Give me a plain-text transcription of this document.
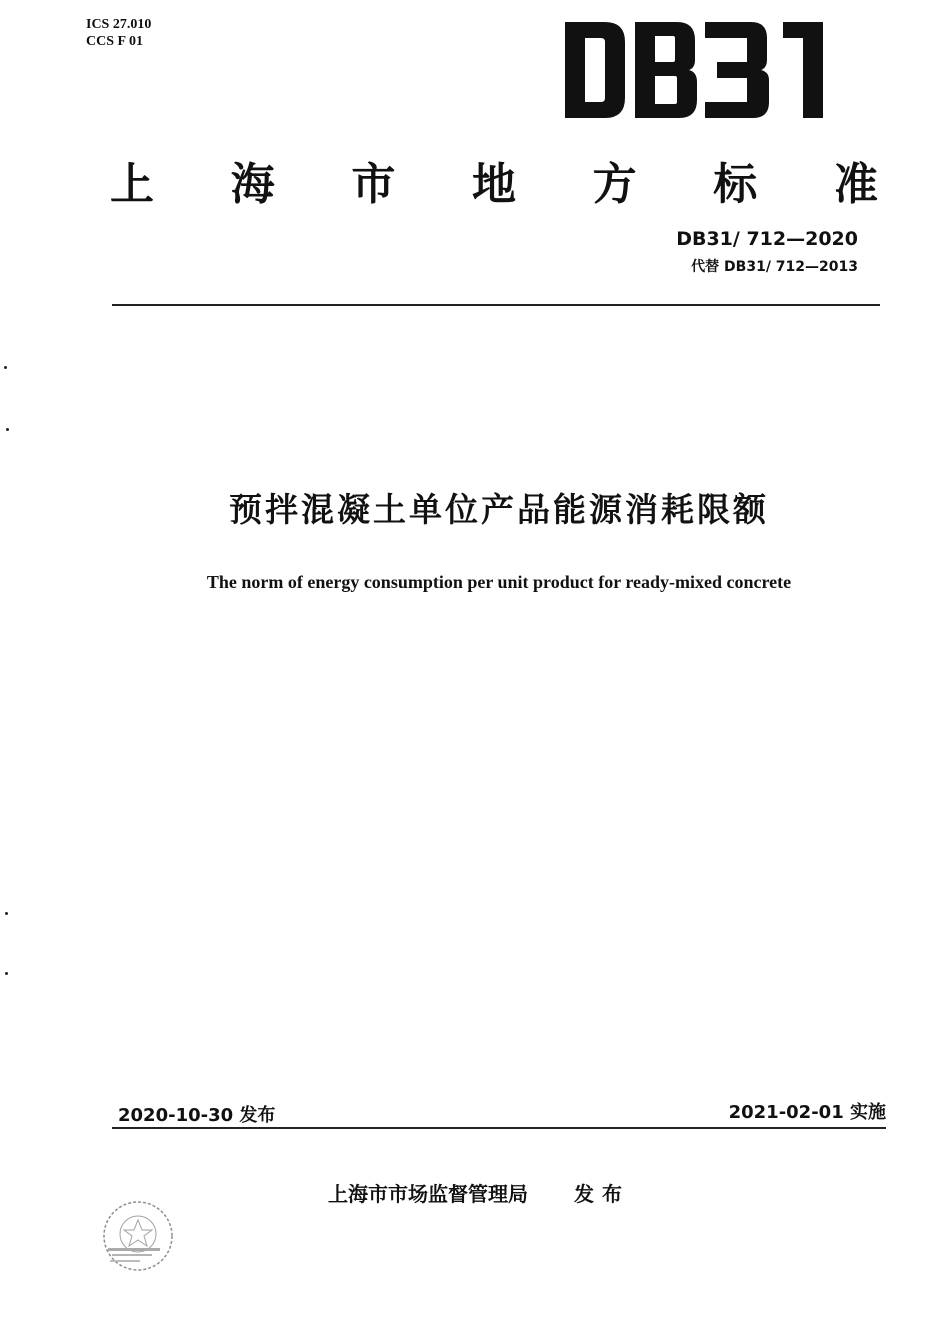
ICS 27.010
CCS F 01
上 海 市 地 方 标 准
DB31/ 712—2020
代替 DB31/ 712—2013
预拌混凝土单位产品能源消耗限额
The norm of energy consumption per unit product for ready-mixed concrete
2020-10-30 发布	2021-02-01 实施
上海市市场监督管理局 发布
